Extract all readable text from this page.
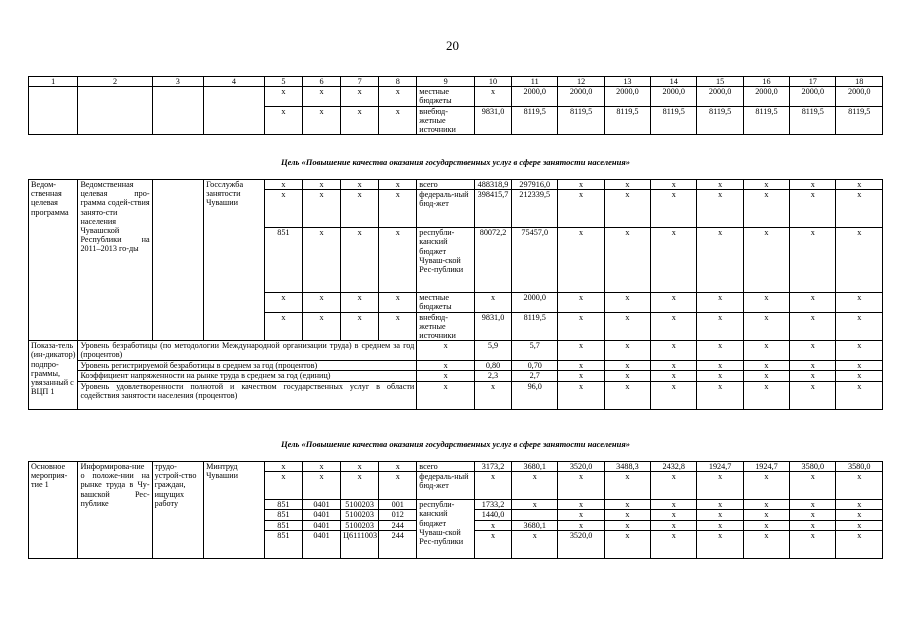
20
1	2	3	4	5	6	7	8	9	10	11	12	13	14	15	16	17	18
				х	х	х	х	местные бюджеты	х	2000,0	2000,0	2000,0	2000,0	2000,0	2000,0	2000,0	2000,0
				х	х	х	х	внебюд-жетные источники	9831,0	8119,5	8119,5	8119,5	8119,5	8119,5	8119,5	8119,5	8119,5
Цель «Повышение качества оказания государственных услуг в сфере занятости населения»
Ведом-ственная целевая программа	Ведомственная целевая про-грамма содей-ствия занято-сти населения Чувашской Республики на 2011–2013 го-ды		Госслужба занятости Чувашии	х	х	х	х	всего	488318,9	297916,0	х	х	х	х	х	х	х
				х	х	х	х	федераль-ный бюд-жет	398415,7	212339,5	х	х	х	х	х	х	х
				851	х	х	х	республи-канский бюджет Чуваш-ской Рес-публики	80072,2	75457,0	х	х	х	х	х	х	х
				х	х	х	х	местные бюджеты	х	2000,0	х	х	х	х	х	х	х
				х	х	х	х	внебюд-жетные источники	9831,0	8119,5	х	х	х	х	х	х	х
Показа-тель (ин-дикатор) подпро-граммы, увязанный с ВЦП 1	Уровень безработицы (по методологии Международной организации труда) в среднем за год (процентов)							х	5,9	5,7	х	х	х	х	х	х	х
	Уровень регистрируемой безработицы в среднем за год (процентов)							х	0,80	0,70	х	х	х	х	х	х	х
	Коэффициент напряженности на рынке труда в среднем за год (единиц)							х	2,3	2,7	х	х	х	х	х	х	х
	Уровень удовлетворенности полнотой и качеством государственных услуг в области содействия занятости населения (процентов)							х	х	96,0	х	х	х	х	х	х	х
Цель «Повышение качества оказания государственных услуг в сфере занятости населения»
Основное мероприя-тие 1	Информирова-ние о положе-нии на рынке труда в Чу-вашской Рес-публике	трудо-устрой-ство граждан, ищущих работу	Минтруд Чувашии	х	х	х	х	всего	3173,2	3680,1	3520,0	3488,3	2432,8	1924,7	1924,7	3580,0	3580,0
				х	х	х	х	федераль-ный бюд-жет	х	х	х	х	х	х	х	х	х
				851	0401	5100203	001	республи-канский бюджет Чуваш-ской Рес-публики	1733,2	х	х	х	х	х	х	х	х
				851	0401	5100203	012		1440,0		х	х	х	х	х	х	х
				851	0401	5100203	244		х	3680,1	х	х	х	х	х	х	х
				851	0401	Ц6111003	244		х	х	3520,0	х	х	х	х	х	х
